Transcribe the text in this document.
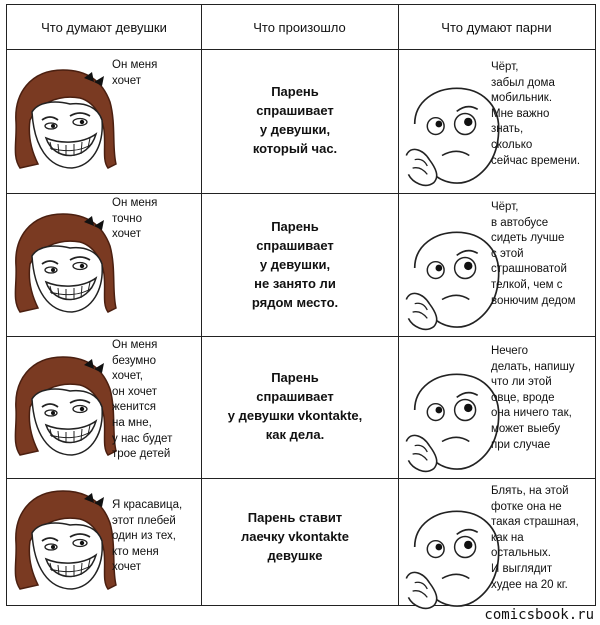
Что думают девушки	Что произошло	Что думают парни
Он меня
хочет
Парень
спрашивает
у девушки,
который час.
Чёрт,
забыл дома
мобильник.
Мне важно
знать,
сколько
сейчас времени.
Он меня
точно
хочет
Парень
спрашивает
у девушки,
не занято ли
рядом место.
Чёрт,
в автобусе
сидеть лучше
с этой
страшноватой
телкой, чем с
вонючим дедом
Он меня
безумно
хочет,
он хочет
женится
на мне,
у нас будет
трое детей
Парень
спрашивает
у девушки vkontakte,
как дела.
Нечего
делать, напишу
что ли этой
овце, вроде
она ничего так,
может выебу
при случае
Я красавица,
этот плебей
один из тех,
кто меня
хочет
Парень ставит
лаечку vkontakte
девушке
Блять, на этой
фотке она не
такая страшная,
как на
остальных.
И выглядит
худее на 20 кг.
comicsbook.ru
